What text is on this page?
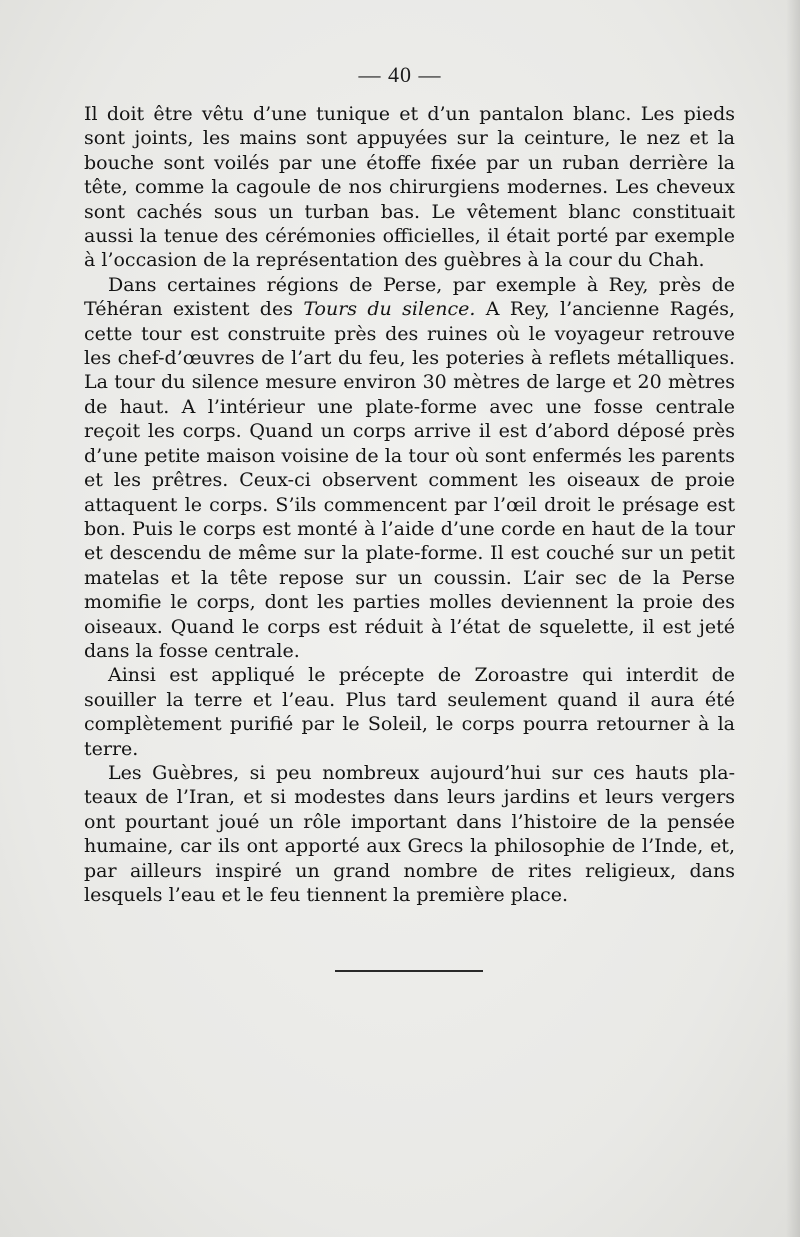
— 40 —

Il doit être vêtu d’une tunique et d’un pantalon blanc. Les pieds sont joints, les mains sont appuyées sur la ceinture, le nez et la bouche sont voilés par une étoffe fixée par un ruban derrière la tête, comme la cagoule de nos chirurgiens modernes. Les cheveux sont cachés sous un turban bas. Le vêtement blanc constituait aussi la tenue des cérémonies officielles, il était porté par exemple à l’occasion de la représentation des guèbres à la cour du Chah.

Dans certaines régions de Perse, par exemple à Rey, près de Téhéran existent des Tours du silence. A Rey, l’ancienne Ragés, cette tour est construite près des ruines où le voyageur retrouve les chef-d’œuvres de l’art du feu, les poteries à reflets métalliques. La tour du silence mesure environ 30 mètres de large et 20 mètres de haut. A l’intérieur une plate-forme avec une fosse centrale reçoit les corps. Quand un corps arrive il est d’abord déposé près d’une petite maison voisine de la tour où sont enfermés les parents et les prêtres. Ceux-ci observent comment les oiseaux de proie attaquent le corps. S’ils commencent par l’œil droit le présage est bon. Puis le corps est monté à l’aide d’une corde en haut de la tour et descendu de même sur la plate-forme. Il est couché sur un petit matelas et la tête repose sur un coussin. L’air sec de la Perse momifie le corps, dont les parties molles deviennent la proie des oiseaux. Quand le corps est réduit à l’état de squelette, il est jeté dans la fosse centrale.

Ainsi est appliqué le précepte de Zoroastre qui interdit de souiller la terre et l’eau. Plus tard seulement quand il aura été complètement purifié par le Soleil, le corps pourra retourner à la terre.

Les Guèbres, si peu nombreux aujourd’hui sur ces hauts plateaux de l’Iran, et si modestes dans leurs jardins et leurs vergers ont pourtant joué un rôle important dans l’histoire de la pensée humaine, car ils ont apporté aux Grecs la philosophie de l’Inde, et, par ailleurs inspiré un grand nombre de rites religieux, dans lesquels l’eau et le feu tiennent la première place.
